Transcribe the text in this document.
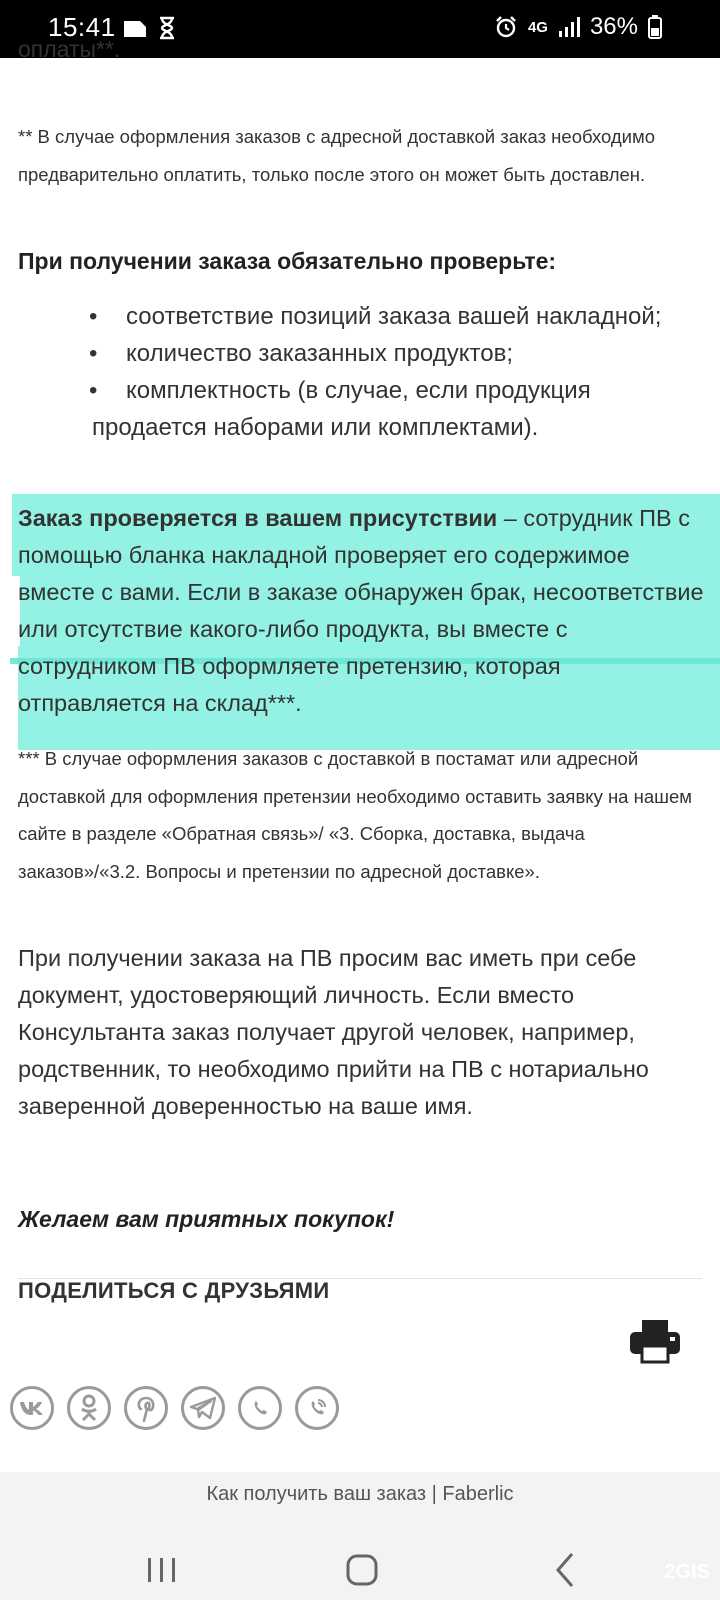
15:41	4G 36%
оплаты**.
** В случае оформления заказов с адресной доставкой заказ необходимо предварительно оплатить, только после этого он может быть доставлен.
При получении заказа обязательно проверьте:
• соответствие позиций заказа вашей накладной;
• количество заказанных продуктов;
• комплектность (в случае, если продукция продается наборами или комплектами).
Заказ проверяется в вашем присутствии – сотрудник ПВ с помощью бланка накладной проверяет его содержимое вместе с вами. Если в заказе обнаружен брак, несоответствие или отсутствие какого-либо продукта, вы вместе с сотрудником ПВ оформляете претензию, которая отправляется на склад***.
*** В случае оформления заказов с доставкой в постамат или адресной доставкой для оформления претензии необходимо оставить заявку на нашем сайте в разделе «Обратная связь»/ «3. Сборка, доставка, выдача заказов»/«3.2. Вопросы и претензии по адресной доставке».
При получении заказа на ПВ просим вас иметь при себе документ, удостоверяющий личность. Если вместо Консультанта заказ получает другой человек, например, родственник, то необходимо прийти на ПВ с нотариально заверенной доверенностью на ваше имя.
Желаем вам приятных покупок!
ПОДЕЛИТЬСЯ С ДРУЗЬЯМИ
Как получить ваш заказ | Faberlic
2GIS
